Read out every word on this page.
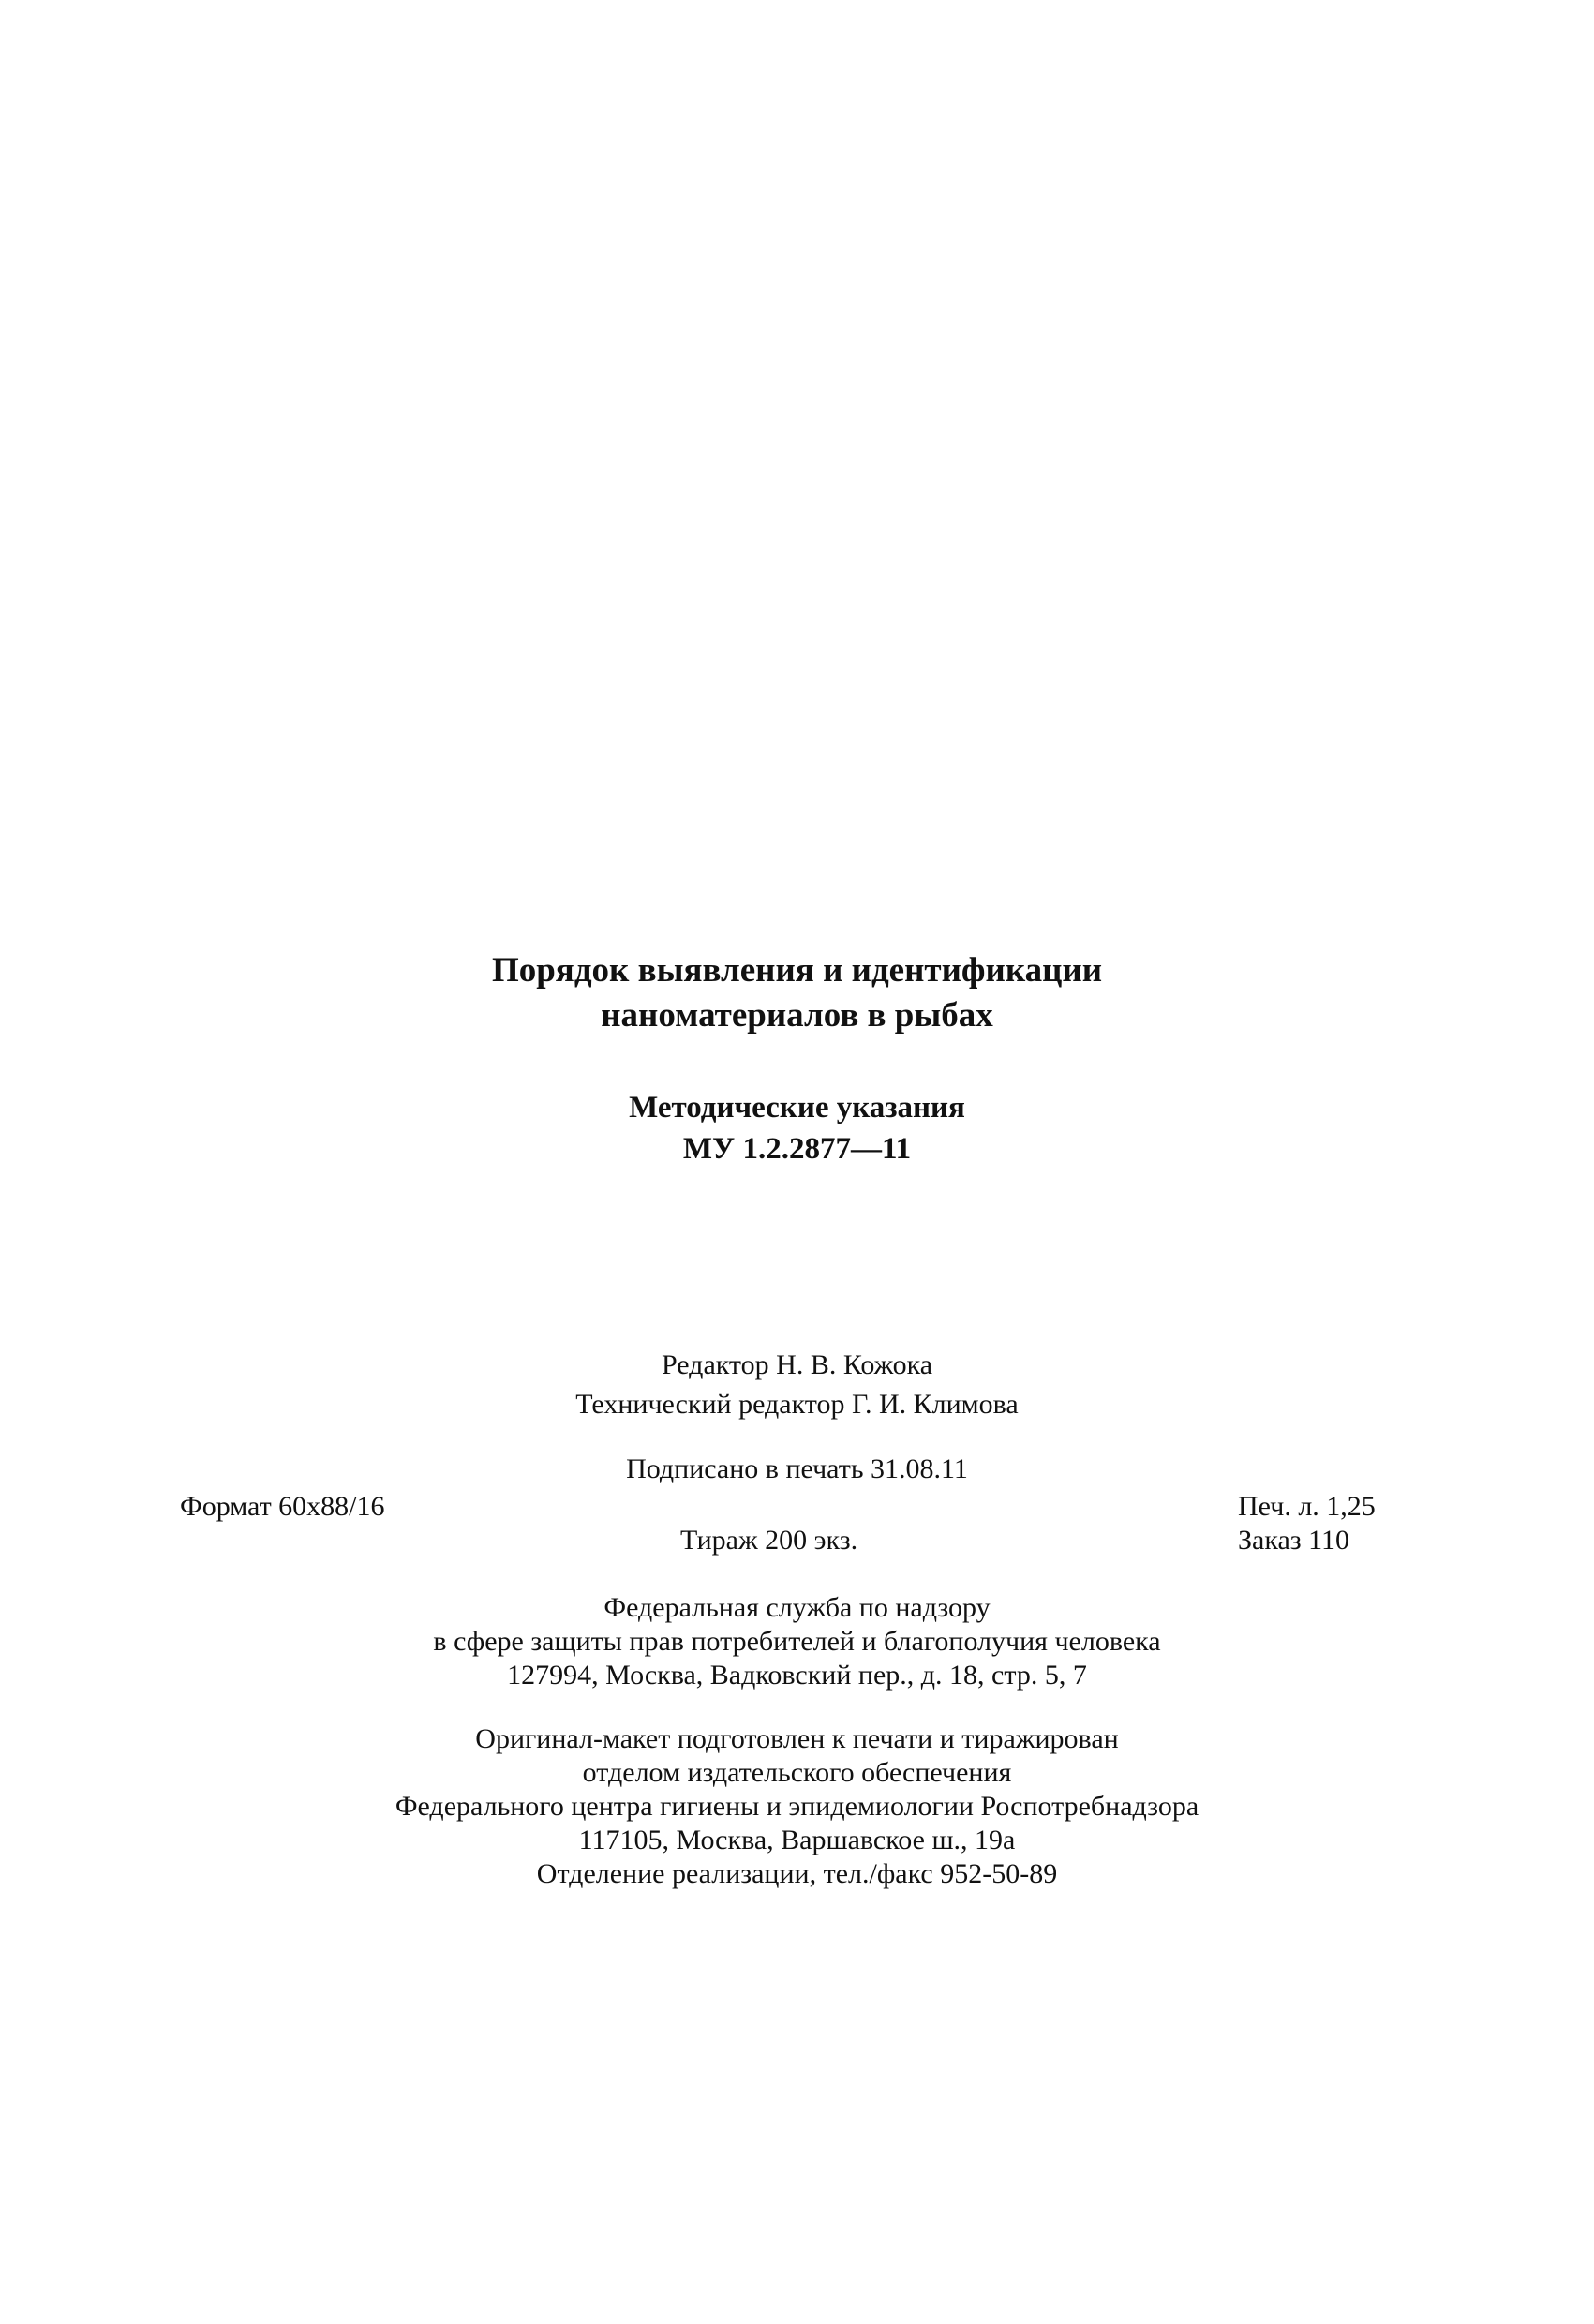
Порядок выявления и идентификации
наноматериалов в рыбах
Методические указания
МУ 1.2.2877—11
Редактор Н. В. Кожока
Технический редактор Г. И. Климова
Подписано в печать 31.08.11
Формат 60x88/16	Печ. л. 1,25
Тираж 200 экз.	Заказ 110
Федеральная служба по надзору
в сфере защиты прав потребителей и благополучия человека
127994, Москва, Вадковский пер., д. 18, стр. 5, 7
Оригинал-макет подготовлен к печати и тиражирован
отделом издательского обеспечения
Федерального центра гигиены и эпидемиологии Роспотребнадзора
117105, Москва, Варшавское ш., 19а
Отделение реализации, тел./факс 952-50-89
